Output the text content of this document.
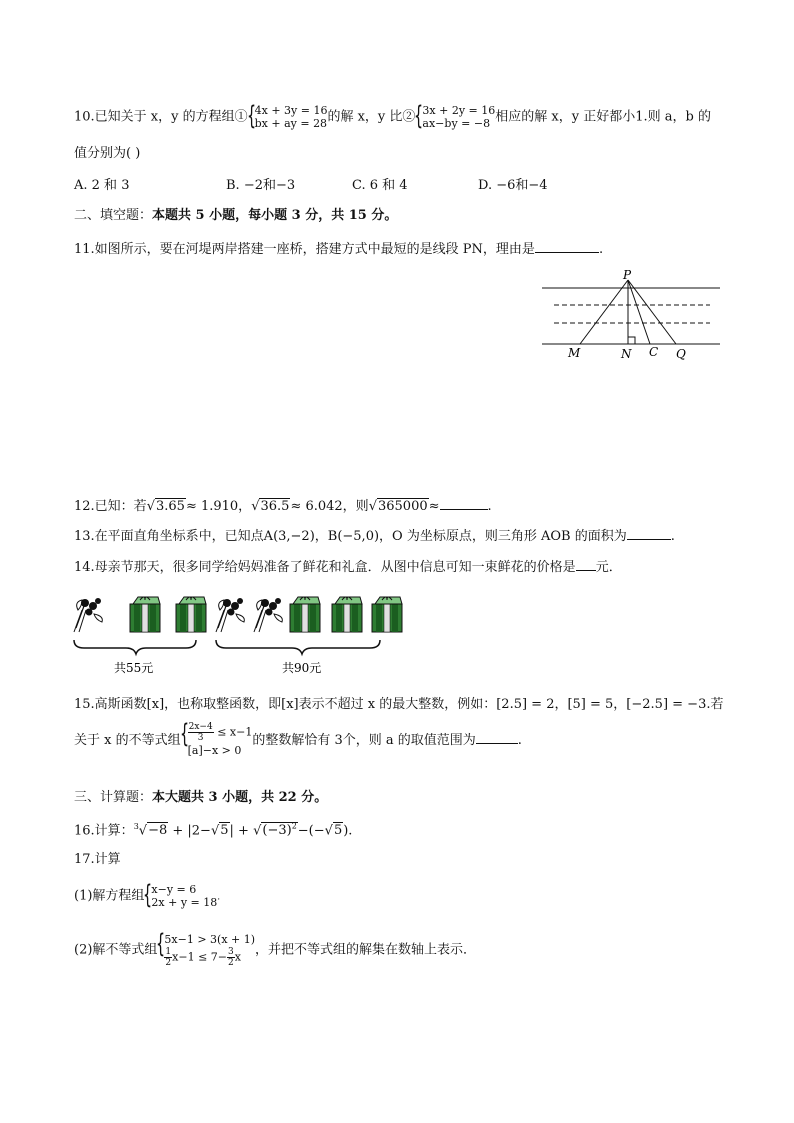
10.已知关于 x，y 的方程组① { 4x + 3y = 16
bx + ay = 28 的解 x，y 比② { 3x + 2y = 16
ax−by = −8 相应的解 x，y 正好都小1.则 a，b 的
值分别为( )
A. 2 和 3	B. −2和−3	C. 6 和 4	D. −6和−4
二、填空题：本题共 5 小题，每小题 3 分，共 15 分。
11.如图所示，要在河堤两岸搭建一座桥，搭建方式中最短的是线段 PN，理由是	.
P
M	N C Q
12.已知：若√3.65≈ 1.910，√36.5≈ 6.042，则√365000≈	.
13.在平面直角坐标系中，已知点A(3,−2)，B(−5,0)，O 为坐标原点，则三角形 AOB 的面积为	.
14.母亲节那天，很多同学给妈妈准备了鲜花和礼盒．从图中信息可知一束鲜花的价格是 元．
共55元	共90元
15.高斯函数[x]，也称取整函数，即[x]表示不超过 x 的最大整数，例如：[2.5] = 2，[5] = 5，[−2.5] = −3.若
关于 x 的不等式组 { $\frac{2x-4}{3} \le x-1$
[a]−x > 0
的整数解恰有 3个，则 a 的取值范围为	.
三、计算题：本大题共 3 小题，共 22 分。
16.计算：$^3√-8 + |2-√5| + √(-3)^2-(-√5)$.
17.计算
(1)解方程组 { x−y = 6
2x + y = 18 .
(2)解不等式组
{ 5x−1 > 3(x + 1)
$\frac{1}{2} x-1 \le 7- \frac{3}{2}$ x	，并把不等式组的解集在数轴上表示．
